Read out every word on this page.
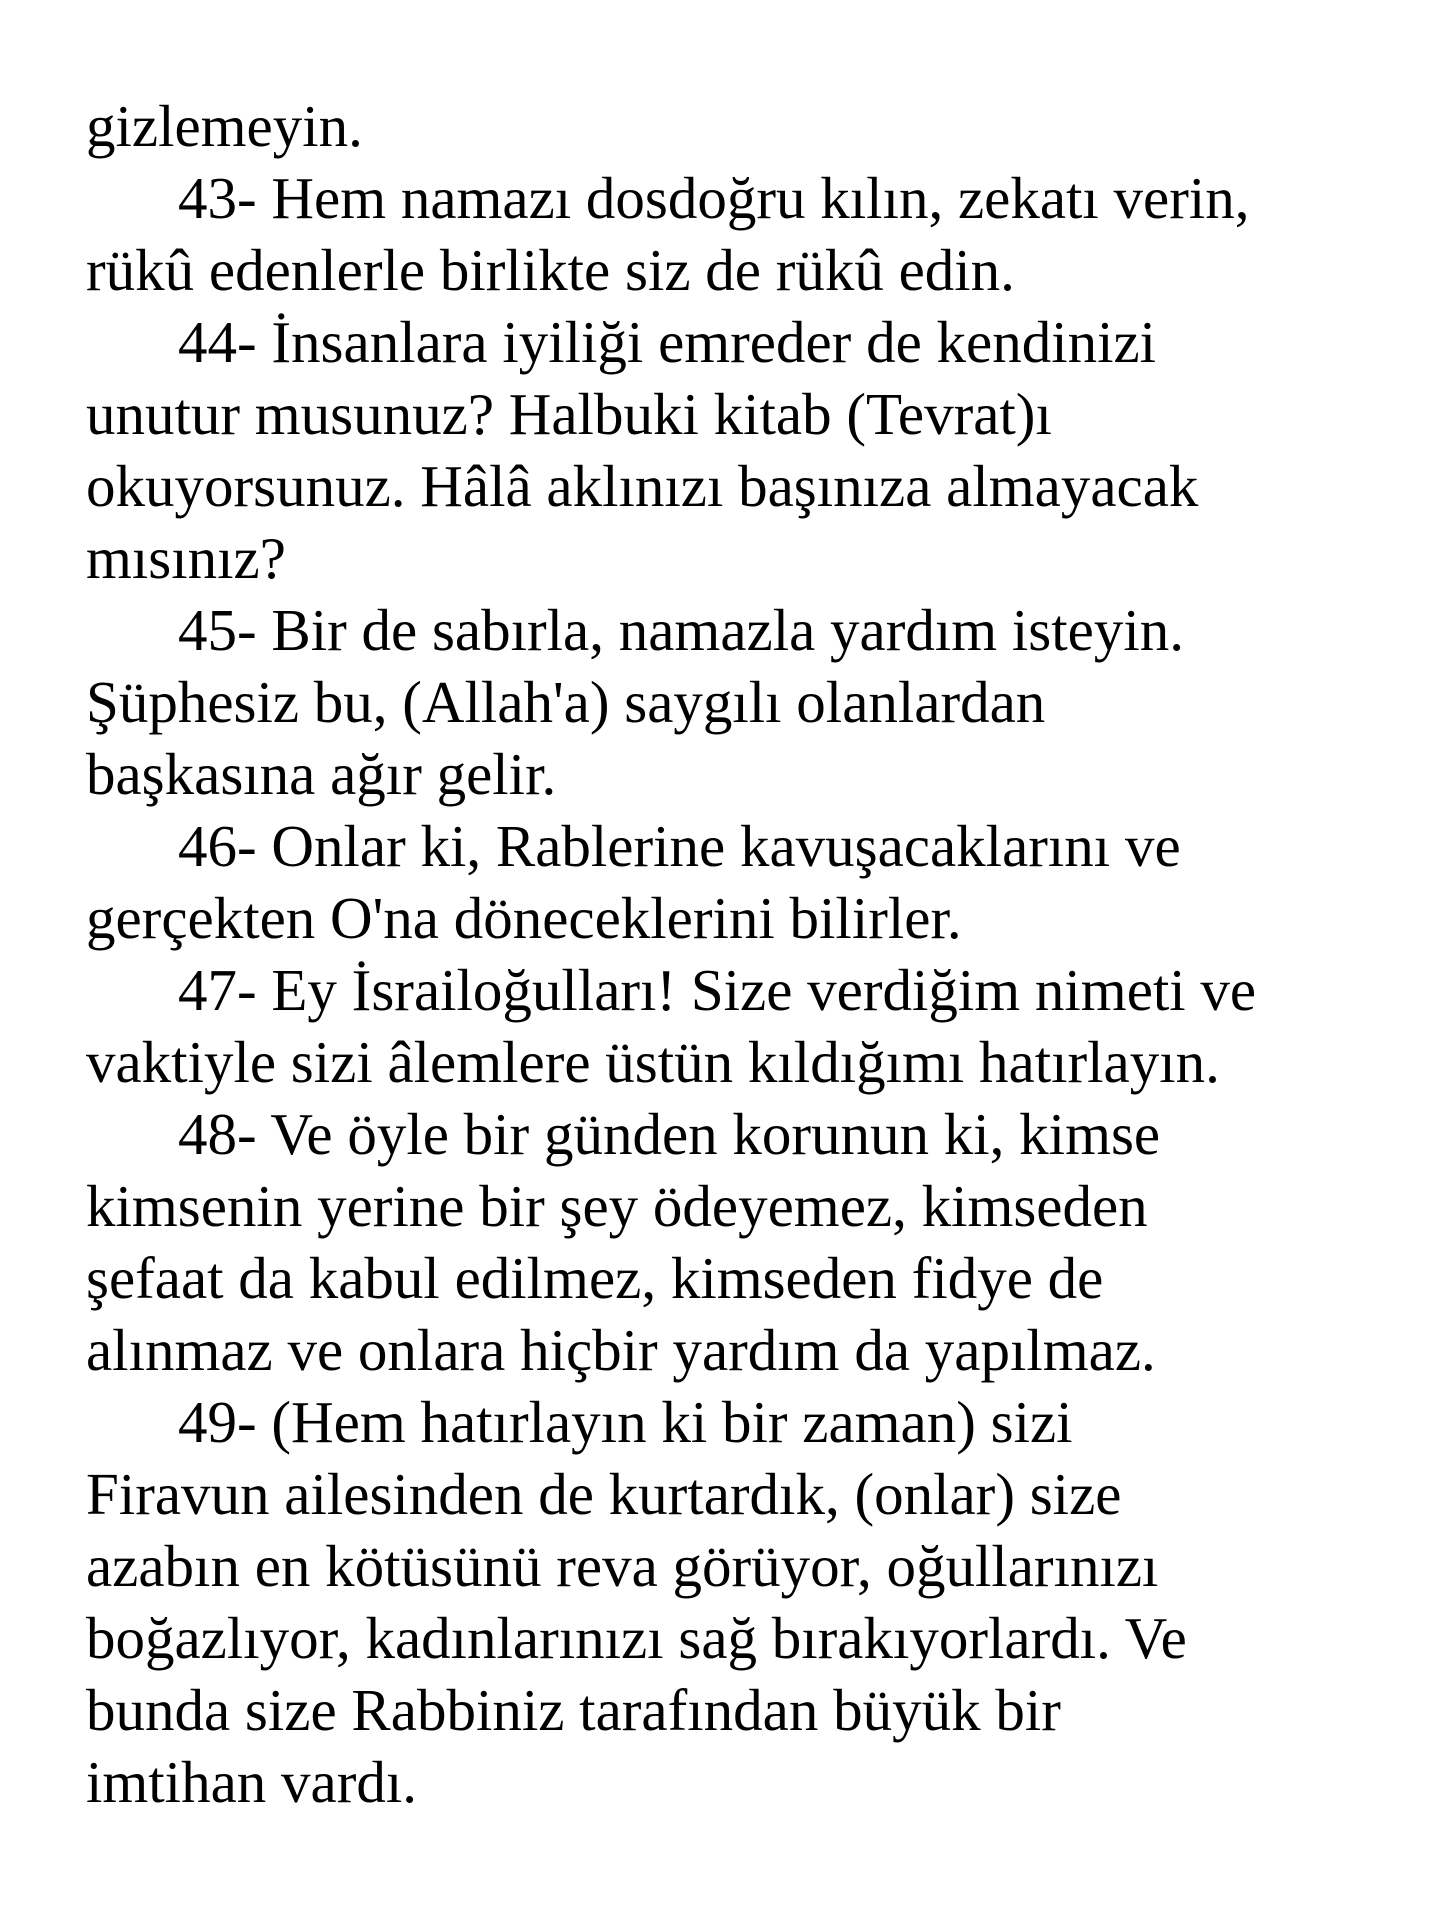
gizlemeyin.
43- Hem namazı dosdoğru kılın, zekatı verin,
rükû edenlerle birlikte siz de rükû edin.
44- İnsanlara iyiliği emreder de kendinizi
unutur musunuz? Halbuki kitab (Tevrat)ı
okuyorsunuz. Hâlâ aklınızı başınıza almayacak
mısınız?
45- Bir de sabırla, namazla yardım isteyin.
Şüphesiz bu, (Allah'a) saygılı olanlardan
başkasına ağır gelir.
46- Onlar ki, Rablerine kavuşacaklarını ve
gerçekten O'na döneceklerini bilirler.
47- Ey İsrailoğulları! Size verdiğim nimeti ve
vaktiyle sizi âlemlere üstün kıldığımı hatırlayın.
48- Ve öyle bir günden korunun ki, kimse
kimsenin yerine bir şey ödeyemez, kimseden
şefaat da kabul edilmez, kimseden fidye de
alınmaz ve onlara hiçbir yardım da yapılmaz.
49- (Hem hatırlayın ki bir zaman) sizi
Firavun ailesinden de kurtardık, (onlar) size
azabın en kötüsünü reva görüyor, oğullarınızı
boğazlıyor, kadınlarınızı sağ bırakıyorlardı. Ve
bunda size Rabbiniz tarafından büyük bir
imtihan vardı.
